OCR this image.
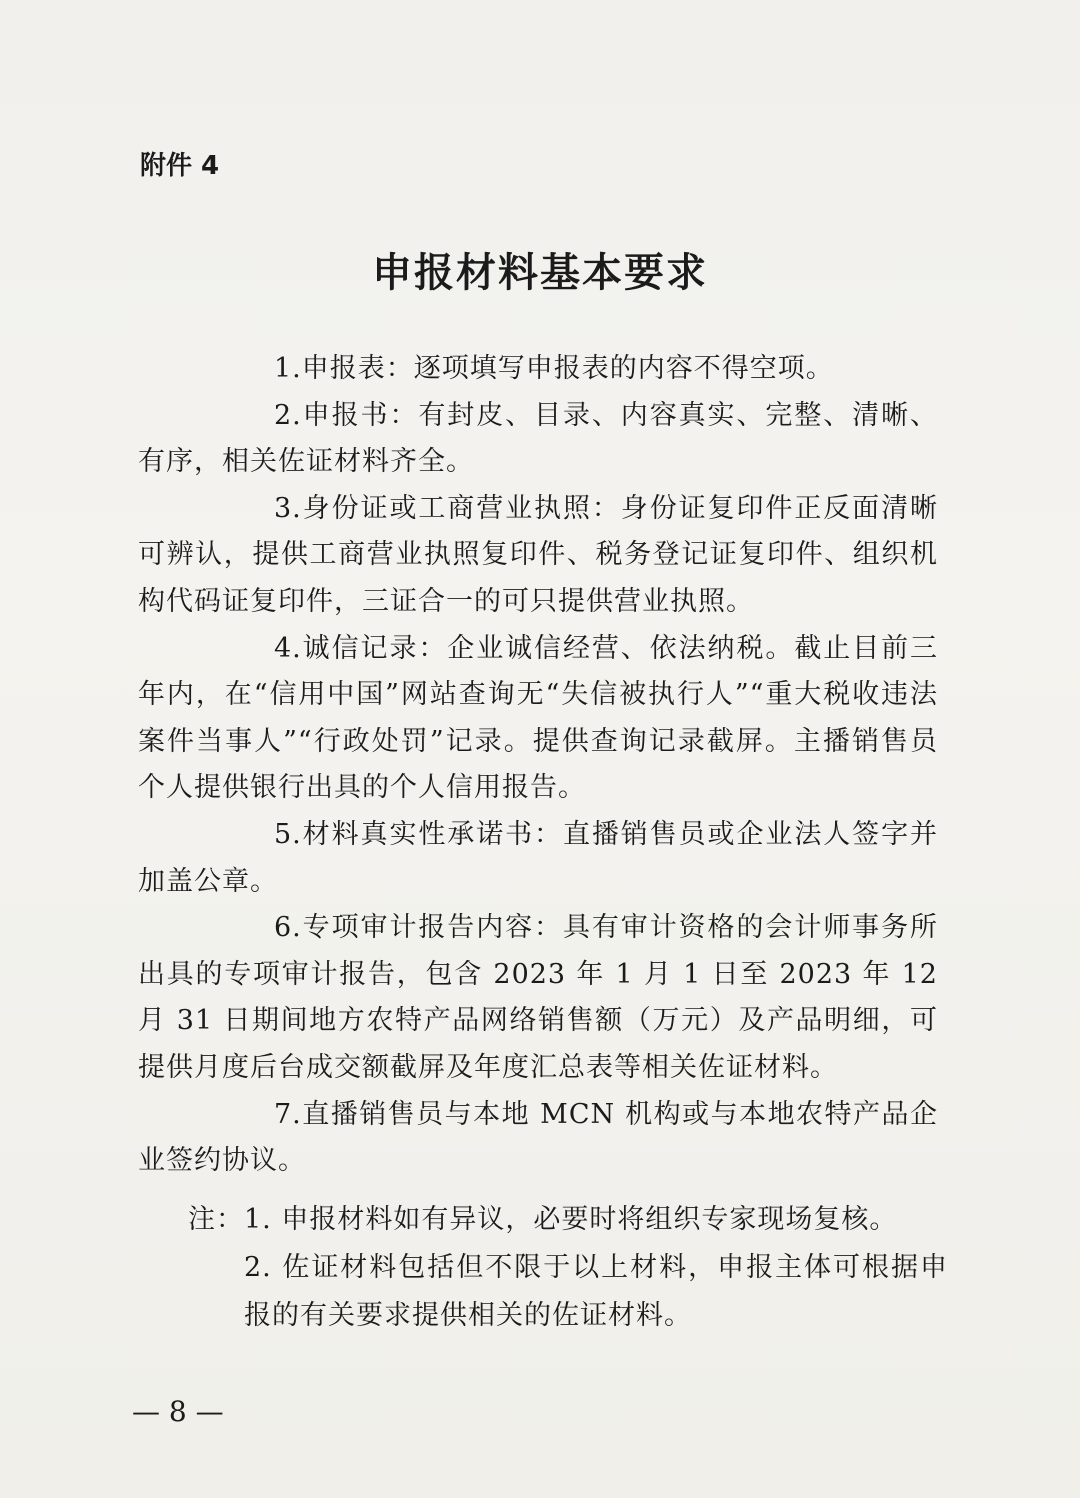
附件 4

申报材料基本要求

1.申报表：逐项填写申报表的内容不得空项。

2.申报书：有封皮、目录、内容真实、完整、清晰、有序，相关佐证材料齐全。

3.身份证或工商营业执照：身份证复印件正反面清晰可辨认，提供工商营业执照复印件、税务登记证复印件、组织机构代码证复印件，三证合一的可只提供营业执照。

4.诚信记录：企业诚信经营、依法纳税。截止目前三年内，在“信用中国”网站查询无“失信被执行人”“重大税收违法案件当事人”“行政处罚”记录。提供查询记录截屏。主播销售员个人提供银行出具的个人信用报告。

5.材料真实性承诺书：直播销售员或企业法人签字并加盖公章。

6.专项审计报告内容：具有审计资格的会计师事务所出具的专项审计报告，包含 2023 年 1 月 1 日至 2023 年 12 月 31 日期间地方农特产品网络销售额（万元）及产品明细，可提供月度后台成交额截屏及年度汇总表等相关佐证材料。

7.直播销售员与本地 MCN 机构或与本地农特产品企业签约协议。

注： 1. 申报材料如有异议，必要时将组织专家现场复核。
2. 佐证材料包括但不限于以上材料，申报主体可根据申报的有关要求提供相关的佐证材料。

— 8 —
